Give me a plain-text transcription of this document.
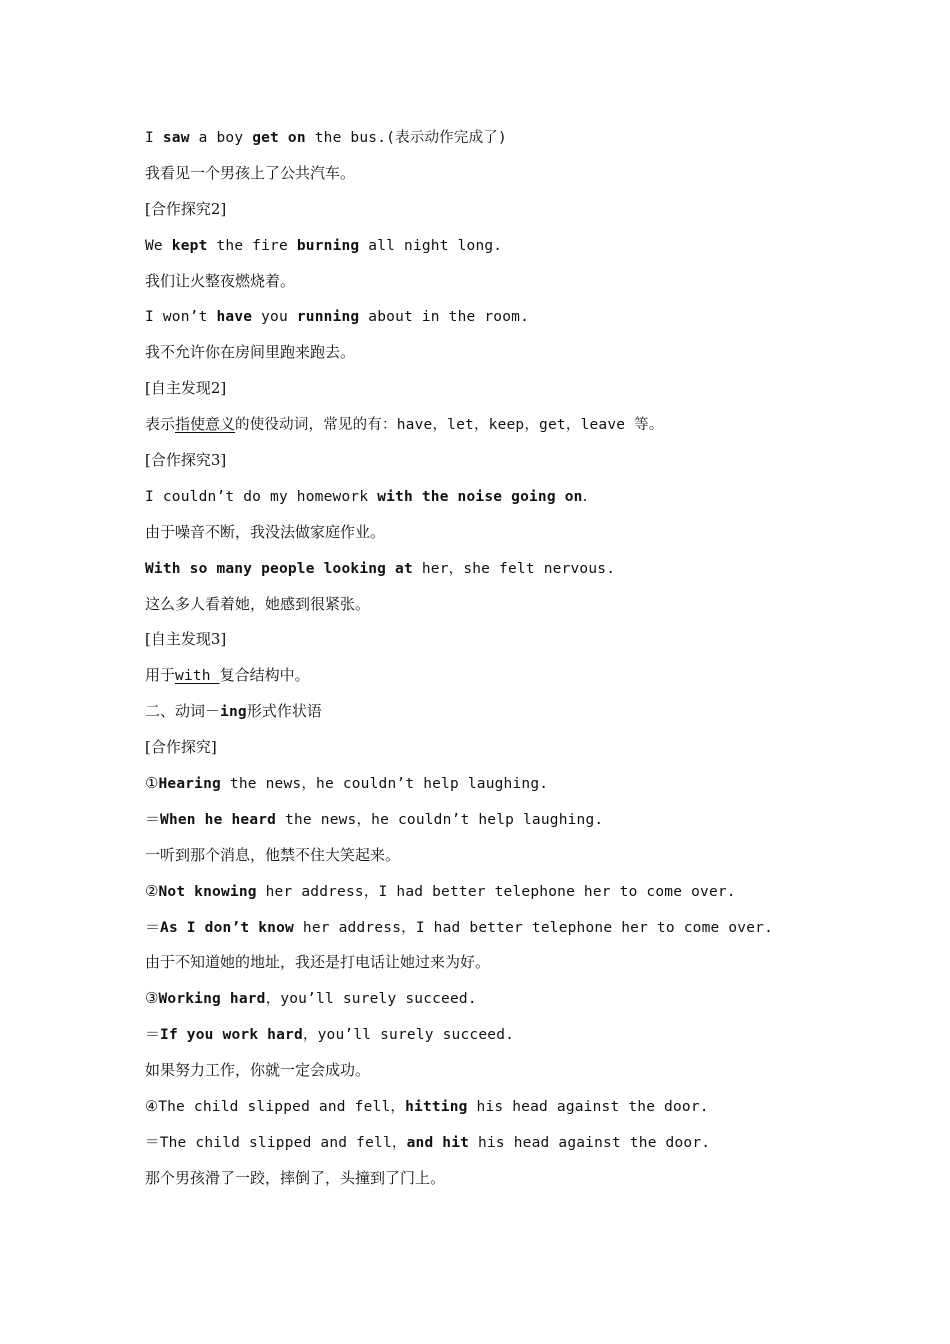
I saw a boy get on the bus.(表示动作完成了)
我看见一个男孩上了公共汽车。
[合作探究2]
We kept the fire burning all night long.
我们让火整夜燃烧着。
I won’t have you running about in the room.
我不允许你在房间里跑来跑去。
[自主发现2]
表示指使意义的使役动词，常见的有：have，let，keep，get，leave 等。
[合作探究3]
I couldn’t do my homework with the noise going on.
由于噪音不断，我没法做家庭作业。
With so many people looking at her，she felt nervous.
这么多人看着她，她感到很紧张。
[自主发现3]
用于with 复合结构中。
二、动词－ing形式作状语
[合作探究]
①Hearing the news，he couldn’t help laughing.
＝When he heard the news，he couldn’t help laughing.
一听到那个消息，他禁不住大笑起来。
②Not knowing her address，I had better telephone her to come over.
＝As I don’t know her address，I had better telephone her to come over.
由于不知道她的地址，我还是打电话让她过来为好。
③Working hard，you’ll surely succeed.
＝If you work hard，you’ll surely succeed.
如果努力工作，你就一定会成功。
④The child slipped and fell，hitting his head against the door.
＝The child slipped and fell，and hit his head against the door.
那个男孩滑了一跤，摔倒了，头撞到了门上。
